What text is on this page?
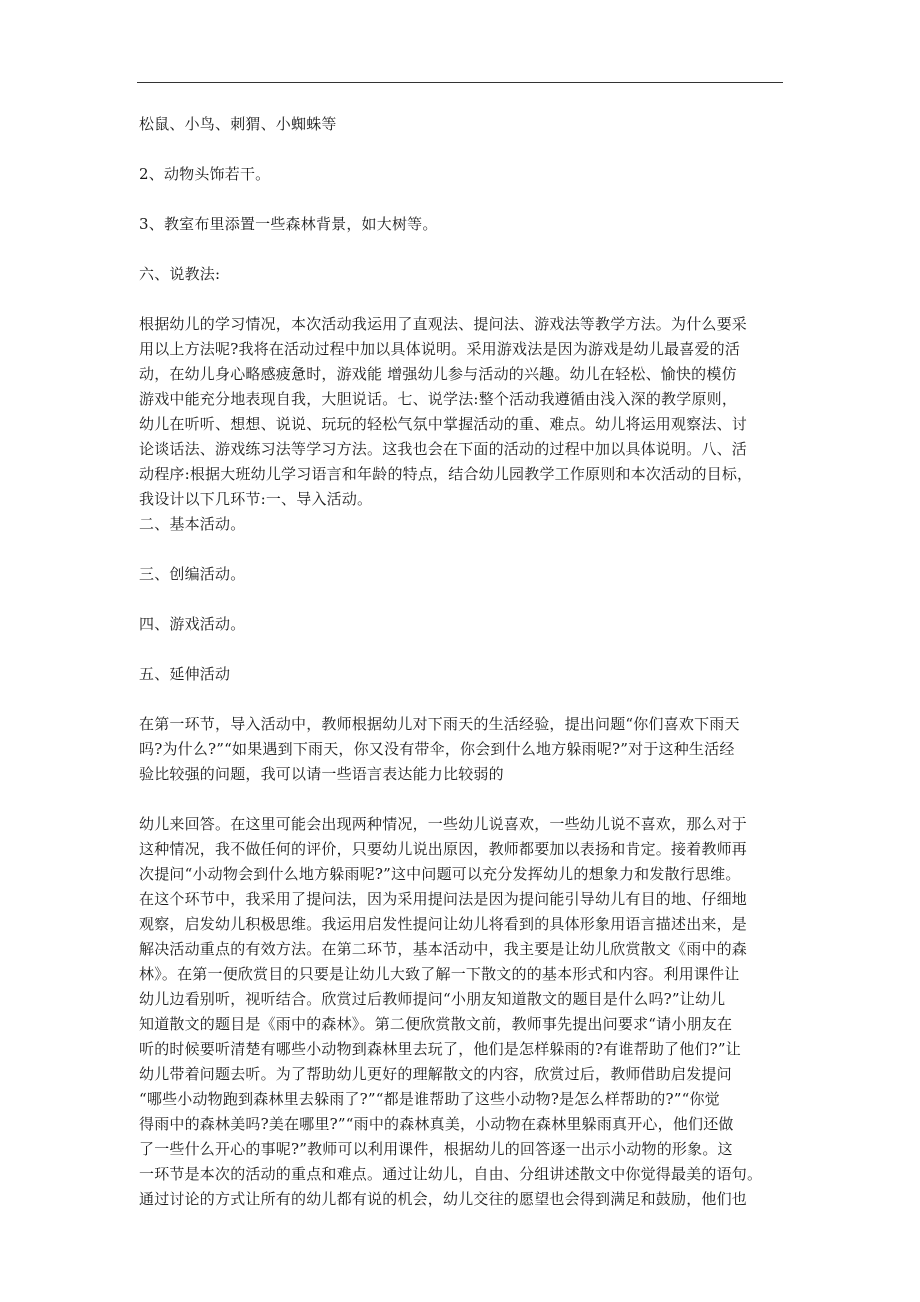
松鼠、小鸟、刺猬、小蜘蛛等

2、动物头饰若干。

3、教室布里添置一些森林背景，如大树等。

六、说教法:

根据幼儿的学习情况，本次活动我运用了直观法、提问法、游戏法等教学方法。为什么要采

用以上方法呢?我将在活动过程中加以具体说明。采用游戏法是因为游戏是幼儿最喜爱的活

动，在幼儿身心略感疲惫时，游戏能 增强幼儿参与活动的兴趣。幼儿在轻松、愉快的模仿

游戏中能充分地表现自我，大胆说话。七、说学法:整个活动我遵循由浅入深的教学原则，

幼儿在听听、想想、说说、玩玩的轻松气氛中掌握活动的重、难点。幼儿将运用观察法、讨

论谈话法、游戏练习法等学习方法。这我也会在下面的活动的过程中加以具体说明。八、活

动程序:根据大班幼儿学习语言和年龄的特点，结合幼儿园教学工作原则和本次活动的目标，

我设计以下几环节:一、导入活动。

二、基本活动。

三、创编活动。

四、游戏活动。

五、延伸活动

在第一环节，导入活动中，教师根据幼儿对下雨天的生活经验，提出问题“你们喜欢下雨天

吗?为什么?”“如果遇到下雨天，你又没有带伞，你会到什么地方躲雨呢?”对于这种生活经

验比较强的问题，我可以请一些语言表达能力比较弱的

幼儿来回答。在这里可能会出现两种情况，一些幼儿说喜欢，一些幼儿说不喜欢，那么对于

这种情况，我不做任何的评价，只要幼儿说出原因，教师都要加以表扬和肯定。接着教师再

次提问“小动物会到什么地方躲雨呢?”这中问题可以充分发挥幼儿的想象力和发散行思维。

在这个环节中，我采用了提问法，因为采用提问法是因为提问能引导幼儿有目的地、仔细地

观察，启发幼儿积极思维。我运用启发性提问让幼儿将看到的具体形象用语言描述出来，是

解决活动重点的有效方法。在第二环节，基本活动中，我主要是让幼儿欣赏散文《雨中的森

林》。在第一便欣赏目的只要是让幼儿大致了解一下散文的的基本形式和内容。利用课件让

幼儿边看别听，视听结合。欣赏过后教师提问“小朋友知道散文的题目是什么吗?”让幼儿

知道散文的题目是《雨中的森林》。第二便欣赏散文前，教师事先提出问要求“请小朋友在

听的时候要听清楚有哪些小动物到森林里去玩了，他们是怎样躲雨的?有谁帮助了他们?”让

幼儿带着问题去听。为了帮助幼儿更好的理解散文的内容，欣赏过后，教师借助启发提问

“哪些小动物跑到森林里去躲雨了?”“都是谁帮助了这些小动物?是怎么样帮助的?”“你觉

得雨中的森林美吗?美在哪里?”“雨中的森林真美，小动物在森林里躲雨真开心，他们还做

了一些什么开心的事呢?”教师可以利用课件，根据幼儿的回答逐一出示小动物的形象。这

一环节是本次的活动的重点和难点。通过让幼儿，自由、分组讲述散文中你觉得最美的语句。

通过讨论的方式让所有的幼儿都有说的机会，幼儿交往的愿望也会得到满足和鼓励，他们也
